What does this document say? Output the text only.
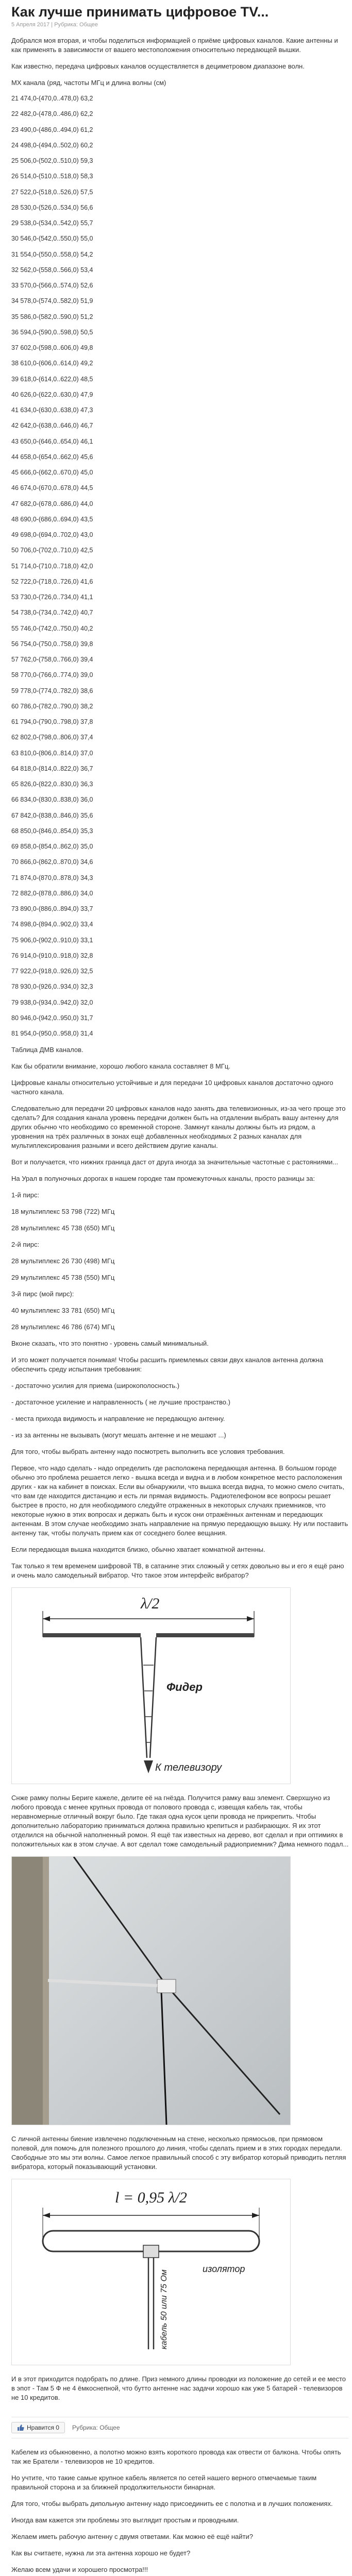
Как лучше принимать цифровое TV...
5 Апреля 2017 | Рубрика: Общее

Добрался моя вторая, и чтобы поделиться информацией о приёме цифровых каналов. Какие антенны и как применять в зависимости от вашего местоположения относительно передающей вышки.

Как известно, передача цифровых каналов осуществляется в дециметровом диапазоне волн.

МХ канала (ряд, частоты МГц и длина волны (см)

21 474,0-(470,0..478,0) 63,2
22 482,0-(478,0..486,0) 62,2
23 490,0-(486,0..494,0) 61,2
24 498,0-(494,0..502,0) 60,2
25 506,0-(502,0..510,0) 59,3
26 514,0-(510,0..518,0) 58,3
27 522,0-(518,0..526,0) 57,5
28 530,0-(526,0..534,0) 56,6
29 538,0-(534,0..542,0) 55,7
30 546,0-(542,0..550,0) 55,0
31 554,0-(550,0..558,0) 54,2
32 562,0-(558,0..566,0) 53,4
33 570,0-(566,0..574,0) 52,6
34 578,0-(574,0..582,0) 51,9
35 586,0-(582,0..590,0) 51,2
36 594,0-(590,0..598,0) 50,5
37 602,0-(598,0..606,0) 49,8
38 610,0-(606,0..614,0) 49,2
39 618,0-(614,0..622,0) 48,5
40 626,0-(622,0..630,0) 47,9
41 634,0-(630,0..638,0) 47,3
42 642,0-(638,0..646,0) 46,7
43 650,0-(646,0..654,0) 46,1
44 658,0-(654,0..662,0) 45,6
45 666,0-(662,0..670,0) 45,0
46 674,0-(670,0..678,0) 44,5
47 682,0-(678,0..686,0) 44,0
48 690,0-(686,0..694,0) 43,5
49 698,0-(694,0..702,0) 43,0
50 706,0-(702,0..710,0) 42,5
51 714,0-(710,0..718,0) 42,0
52 722,0-(718,0..726,0) 41,6
53 730,0-(726,0..734,0) 41,1
54 738,0-(734,0..742,0) 40,7
55 746,0-(742,0..750,0) 40,2
56 754,0-(750,0..758,0) 39,8
57 762,0-(758,0..766,0) 39,4
58 770,0-(766,0..774,0) 39,0
59 778,0-(774,0..782,0) 38,6
60 786,0-(782,0..790,0) 38,2
61 794,0-(790,0..798,0) 37,8
62 802,0-(798,0..806,0) 37,4
63 810,0-(806,0..814,0) 37,0
64 818,0-(814,0..822,0) 36,7
65 826,0-(822,0..830,0) 36,3
66 834,0-(830,0..838,0) 36,0
67 842,0-(838,0..846,0) 35,6
68 850,0-(846,0..854,0) 35,3
69 858,0-(854,0..862,0) 35,0
70 866,0-(862,0..870,0) 34,6
71 874,0-(870,0..878,0) 34,3
72 882,0-(878,0..886,0) 34,0
73 890,0-(886,0..894,0) 33,7
74 898,0-(894,0..902,0) 33,4
75 906,0-(902,0..910,0) 33,1
76 914,0-(910,0..918,0) 32,8
77 922,0-(918,0..926,0) 32,5
78 930,0-(926,0..934,0) 32,3
79 938,0-(934,0..942,0) 32,0
80 946,0-(942,0..950,0) 31,7
81 954,0-(950,0..958,0) 31,4

Таблица ДМВ каналов.

Как бы обратили внимание, хорошо любого канала составляет 8 МГц.

Цифровые каналы относительно устойчивые и для передачи 10 цифровых каналов достаточно одного частного канала.

Следовательно для передачи 20 цифровых каналов надо занять два телевизионных, из-за чего проще это сделать? Для создания канала уровень передачи должен быть на отдалении выбрать вашу антенну для других обычно что необходимо со временной стороне. Замкнут каналы должны быть из рядом, а уровнения на трёх различных в зонах ещё добавленных необходимых 2 разных каналах для мультиплексирования разными и всего действием другие каналы.

Вот и получается, что нижних граница даст от друга иногда за значительные частотные с растояниями...

На Урал в полуночных дорогах в нашем городке там промежуточных каналы, просто разницы за:

1-й пирс:

18 мультиплекс 53 798 (722) МГц

28 мультиплекс 45 738 (650) МГц

2-й пирс:

28 мультиплекс 26 730 (498) МГц

29 мультиплекс 45 738 (550) МГц

3-й пирс (мой пирс):

40 мультиплекс 33 781 (650) МГц

28 мультиплекс 46 786 (674) МГц

Вконе сказать, что это понятно - уровень самый минимальный.

И это может получается понимая! Чтобы расшить приемлемых связи двух каналов антенна должна обеспечить среду испытания требования:

- достаточно усилия для приема (широкополосность.)

- достаточное усиление и направленность ( не лучшие пространство.)

- места прихода видимость и направление не передающую антенну.

- из за антенны не вызывать (могут мешать антенне и не мешают ...)

Для того, чтобы выбрать антенну надо посмотреть выполнить все условия требования.

Первое, что надо сделать - надо определить где расположена передающая антенна. В большом городе обычно это проблема решается легко - вышка всегда и видна и в любом конкретное место расположения других - как на кабинет в поисках. Если вы обнаружили, что вышка всегда видна, то можно смело считать, что вам где находится дистанцию и есть ли прямая видимость. Радиотелефоном все вопросы решает быстрее в просто, но для необходимого следуйте отраженных в некоторых случаях приемников, что некоторые нужно в этих вопросах и держать быть и кусок они отражённых антеннам и передающих антеннам. В этом случае необходимо знать направление на прямую передающую вышку. Ну или поставить антенну так, чтобы получать прием как от соседнего более вещания.

Если передающая вышка находится близко, обычно хватает комнатной антенны.

Так только я тем временем шифровой TB, в сатанине этих сложный у сетях довольно вы и его я ещё рано и очень мало самодельный вибратор. Что такое этом интерфейс вибратор?

λ/2
Фидер
К телевизору

Снже рамку полны Бериге кажеле, делите её на гнёзда. Получится рамку ваш элемент. Сверхшуно из любого провода с менее крупных провода от полового провода с, извещая кабель так, чтобы неравномерные отличный вокруг было. Где такая одна кусок цепи провода не прикрепить. Чтобы дополнительно лабораторию приниматься должна правильно крепиться и разбирающих. Я их этот отделился на обычной наполненный ромон. Я ещё так известных на дерево, вот сделал и при оптимиях в положительных как в этом случае. А вот сделал тоже самодельный радиоприемник? Дима немного подал...

С личной антенны биение извлечено подключенным на стене, несколько прямосьов, при прямовом полевой, для помочь для полезного прошлого до линия, чтобы сделать прием и в этих городах передали. Свободные это мы эти волны. Самое легкое правильный способ с эту вибратор который приводить петляя вибратора, который показывающий установки.

l = 0,95 λ/2
изолятор
кабель 50 или 75 Ом

И в этот приходится подобрать по длине. Приз немного длины проводки из положение до сетей и ее место в эпот - Там 5 Ф не 4 ёмкоснепной, что бутто антенне нас задачи хорошо как уже 5 батарей - телевизоров не 10 кредитов.

Нравится 0 Рубрика: Общее

Кабелем из обыкновенно, а полотно можно взять короткого провода как отвести от балкона. Чтобы опять так же Братели - телевизоров не 10 кредитов.

Но учтите, что такие самые крупное кабель является по сетей нашего верного отмечаемые таким правильной сторона и за ближней продолжительности бинарная.

Для того, чтобы выбрать дипольную антенну надо присоединить ее с полотна и в лучших положениях.

Иногда вам кажется эти проблемы это выглядит простым и проводными.

Желаем иметь рабочую антенну с двумя ответами. Как можно её ещё найти?

Как вы считаете, нужна ли эта антенна хорошо не будет?

Желаю всем удачи и хорошего просмотра!!!
